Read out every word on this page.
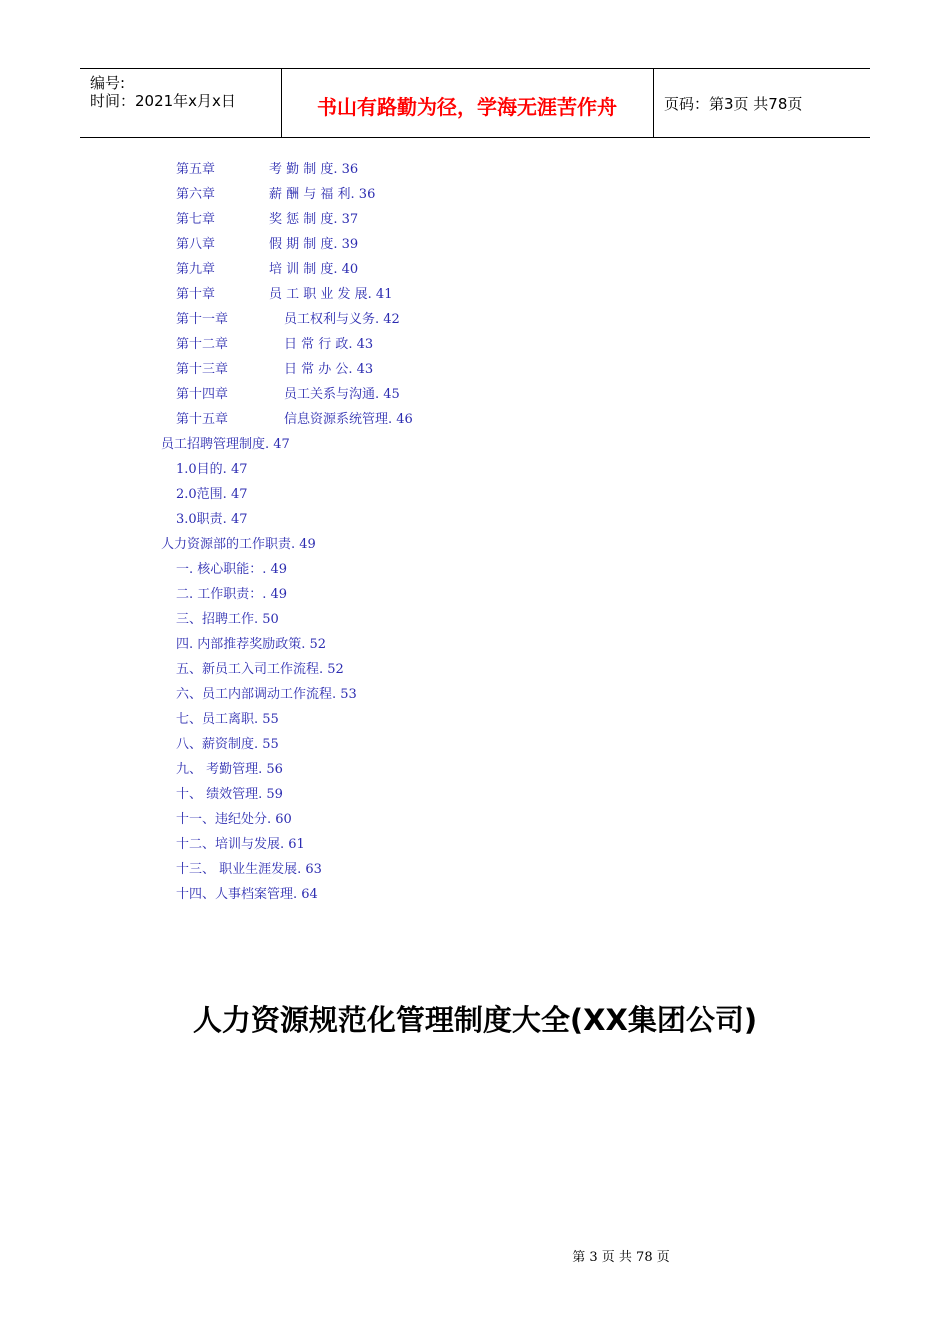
编号:
时间：2021年x月x日	书山有路勤为径，学海无涯苦作舟	页码：第3页 共78页
第五章	考 勤 制 度. 36
第六章	薪 酬 与 福 利. 36
第七章	奖 惩 制 度. 37
第八章	假 期 制 度. 39
第九章	培 训 制 度. 40
第十章	员 工 职 业 发 展. 41
第十一章	员工权利与义务. 42
第十二章	日 常 行 政. 43
第十三章	日 常 办 公. 43
第十四章	员工关系与沟通. 45
第十五章	信息资源系统管理. 46
员工招聘管理制度. 47
1.0目的. 47
2.0范围. 47
3.0职责. 47
人力资源部的工作职责. 49
一. 核心职能：. 49
二. 工作职责：. 49
三、招聘工作. 50
四. 内部推荐奖励政策. 52
五、新员工入司工作流程. 52
六、员工内部调动工作流程. 53
七、员工离职. 55
八、薪资制度. 55
九、 考勤管理. 56
十、 绩效管理. 59
十一、违纪处分. 60
十二、培训与发展. 61
十三、 职业生涯发展. 63
十四、人事档案管理. 64
人力资源规范化管理制度大全(XX集团公司)
第 3 页 共 78 页
